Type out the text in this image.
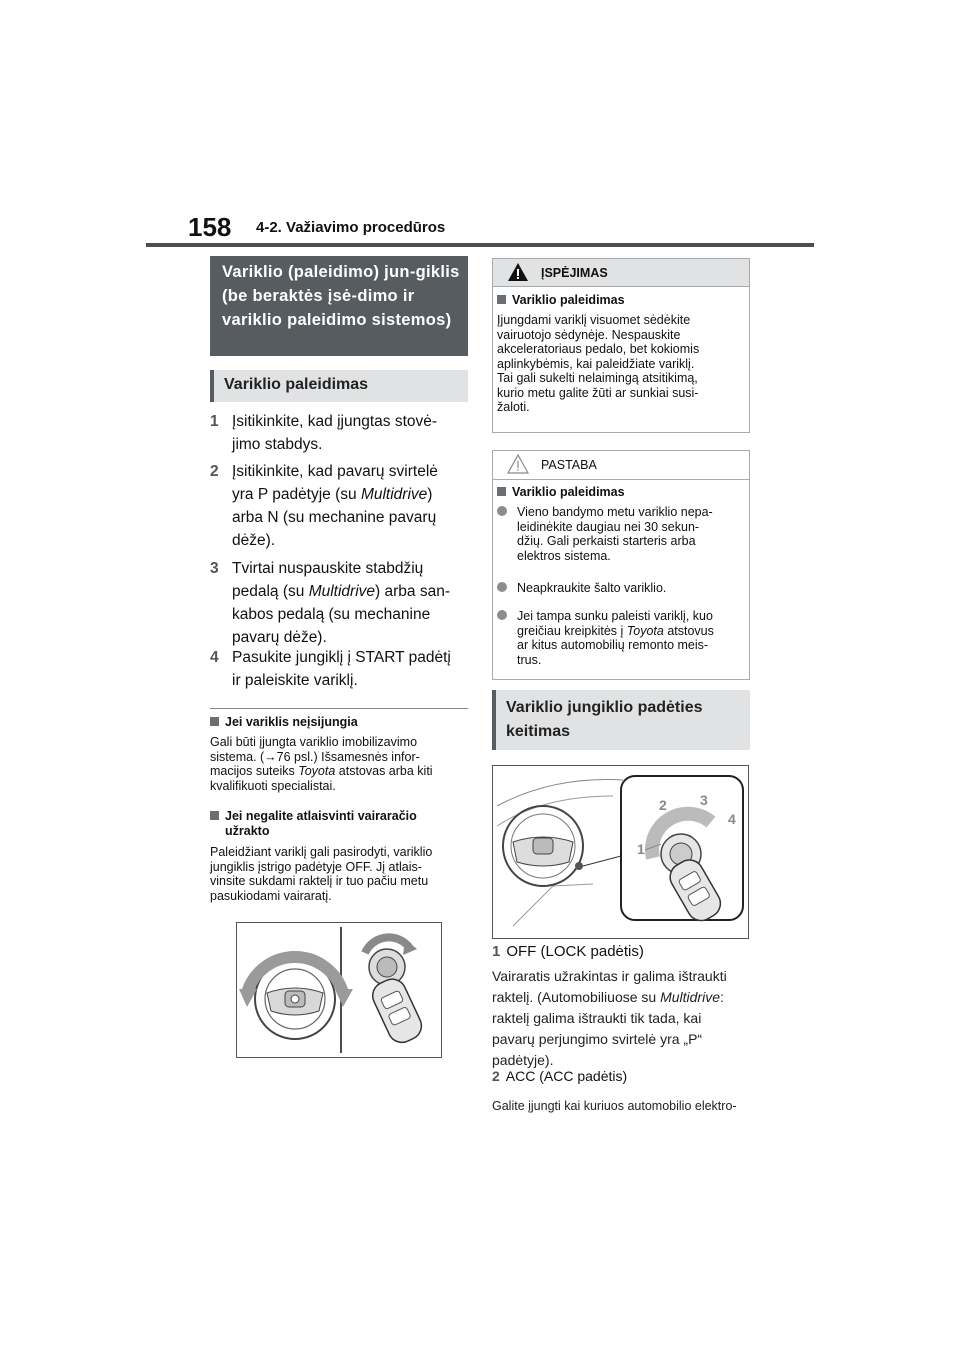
158 4-2. Važiavimo procedūros
Variklio (paleidimo) jun-giklis (be beraktės įsė-dimo ir variklio paleidimo sistemos)
Variklio paleidimas
1 Įsitikinkite, kad įjungtas stovė-
jimo stabdys.
2 Įsitikinkite, kad pavarų svirtelė
yra P padėtyje (su Multidrive)
arba N (su mechanine pavarų
dėže).
3 Tvirtai nuspauskite stabdžių
pedalą (su Multidrive) arba san-
kabos pedalą (su mechanine
pavarų dėže).
4 Pasukite jungiklį į START padėtį
ir paleiskite variklį.
Jei variklis neįsijungia
Gali būti įjungta variklio imobilizavimo
sistema. (→76 psl.) Išsamesnės infor-
macijos suteiks Toyota atstovas arba kiti
kvalifikuoti specialistai.
Jei negalite atlaisvinti vairaračio
užrakto
Paleidžiant variklį gali pasirodyti, variklio
jungiklis įstrigo padėtyje OFF. Jį atlais-
vinsite sukdami raktelį ir tuo pačiu metu
pasukiodami vairaratį.
ĮSPĖJIMAS
Variklio paleidimas
Įjungdami variklį visuomet sėdėkite
vairuotojo sėdynėje. Nespauskite
akceleratoriaus pedalo, bet kokiomis
aplinkybėmis, kai paleidžiate variklį.
Tai gali sukelti nelaimingą atsitikimą,
kurio metu galite žūti ar sunkiai susi-
žaloti.
PASTABA
Variklio paleidimas
Vieno bandymo metu variklio nepa-
leidinėkite daugiau nei 30 sekun-
džių. Gali perkaisti starteris arba
elektros sistema.
Neapkraukite šalto variklio.
Jei tampa sunku paleisti variklį, kuo
greičiau kreipkitės į Toyota atstovus
ar kitus automobilių remonto meis-
trus.
Variklio jungiklio padėties keitimas
1
2 3
4
1 OFF (LOCK padėtis)
Vairaratis užrakintas ir galima ištraukti
raktelį. (Automobiliuose su Multidrive:
raktelį galima ištraukti tik tada, kai
pavarų perjungimo svirtelė yra „P“
padėtyje).
2 ACC (ACC padėtis)
Galite įjungti kai kuriuos automobilio elektro-
